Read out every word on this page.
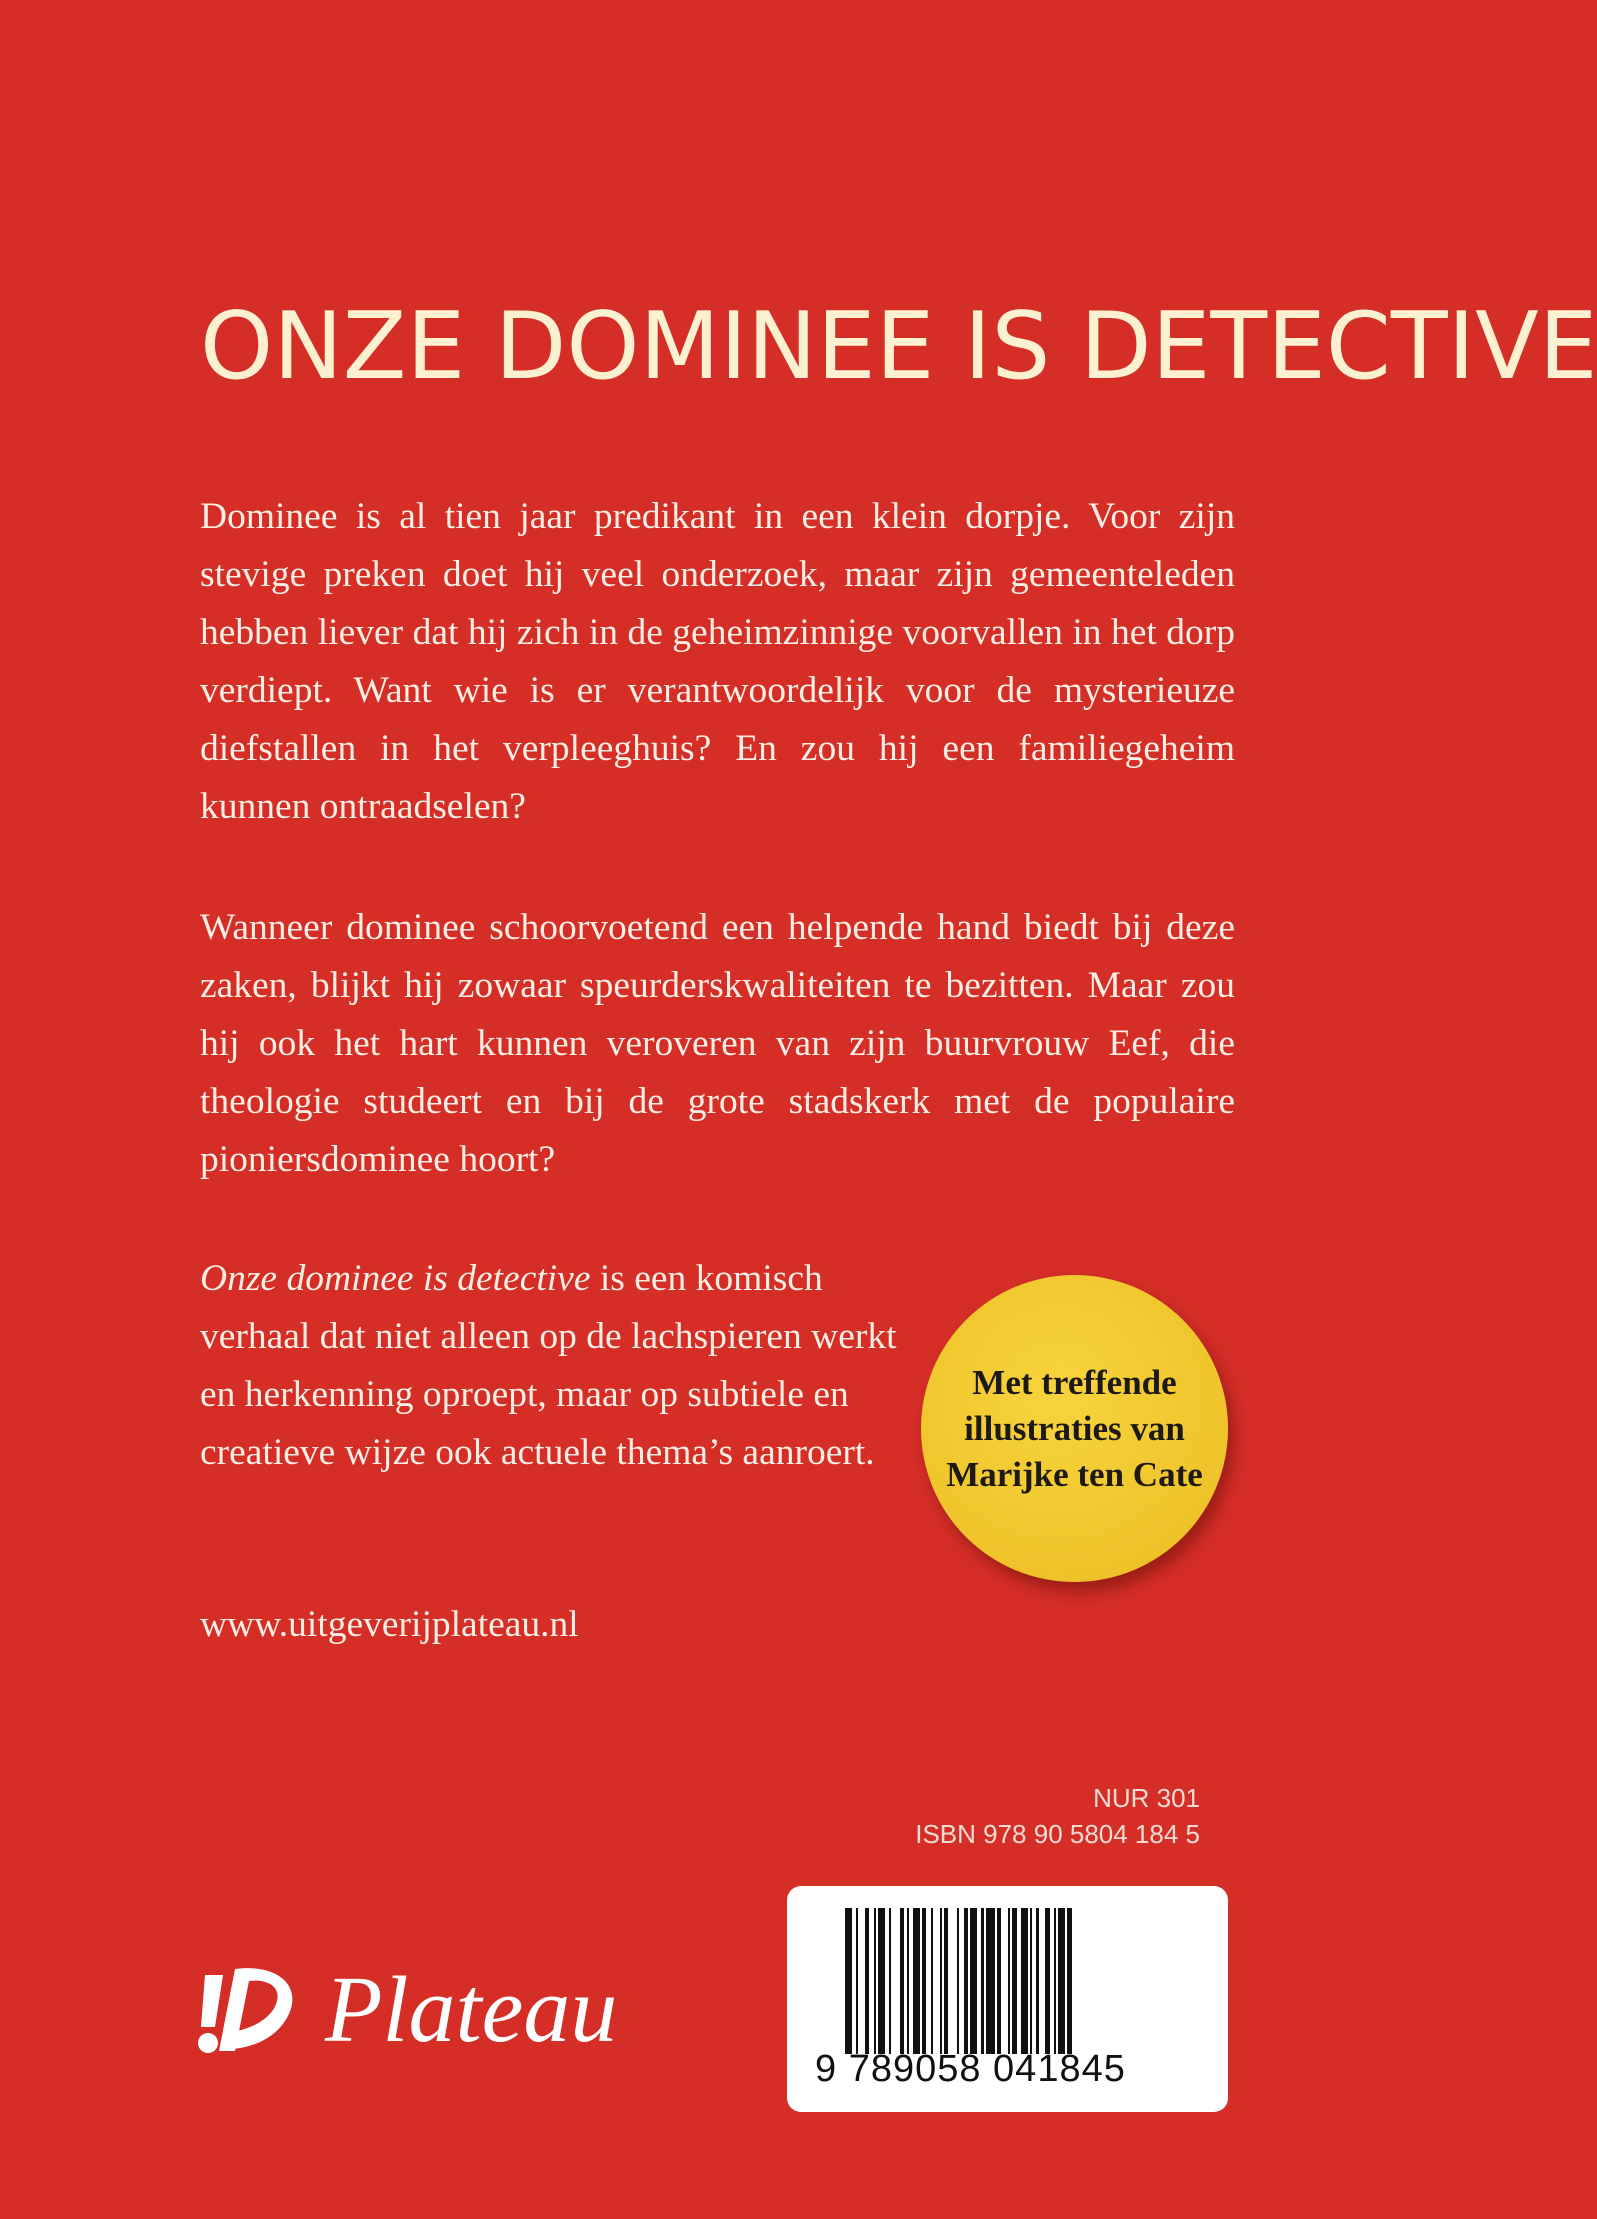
ONZE DOMINEE IS DETECTIVE
Dominee is al tien jaar predikant in een klein dorpje. Voor zijn stevige preken doet hij veel onderzoek, maar zijn gemeenteleden hebben liever dat hij zich in de geheimzinnige voorvallen in het dorp verdiept. Want wie is er verantwoordelijk voor de mysterieuze diefstallen in het verpleeghuis? En zou hij een familiegeheim kunnen ontraadselen?
Wanneer dominee schoorvoetend een helpende hand biedt bij deze zaken, blijkt hij zowaar speurderskwaliteiten te bezitten. Maar zou hij ook het hart kunnen veroveren van zijn buurvrouw Eef, die theologie studeert en bij de grote stadskerk met de populaire pioniersdominee hoort?
Onze dominee is detective is een komisch verhaal dat niet alleen op de lachspieren werkt en herkenning oproept, maar op subtiele en creatieve wijze ook actuele thema’s aanroert.
www.uitgeverijplateau.nl
Met treffende illustraties van Marijke ten Cate
NUR 301
ISBN 978 90 5804 184 5
9 789058 041845
Plateau
